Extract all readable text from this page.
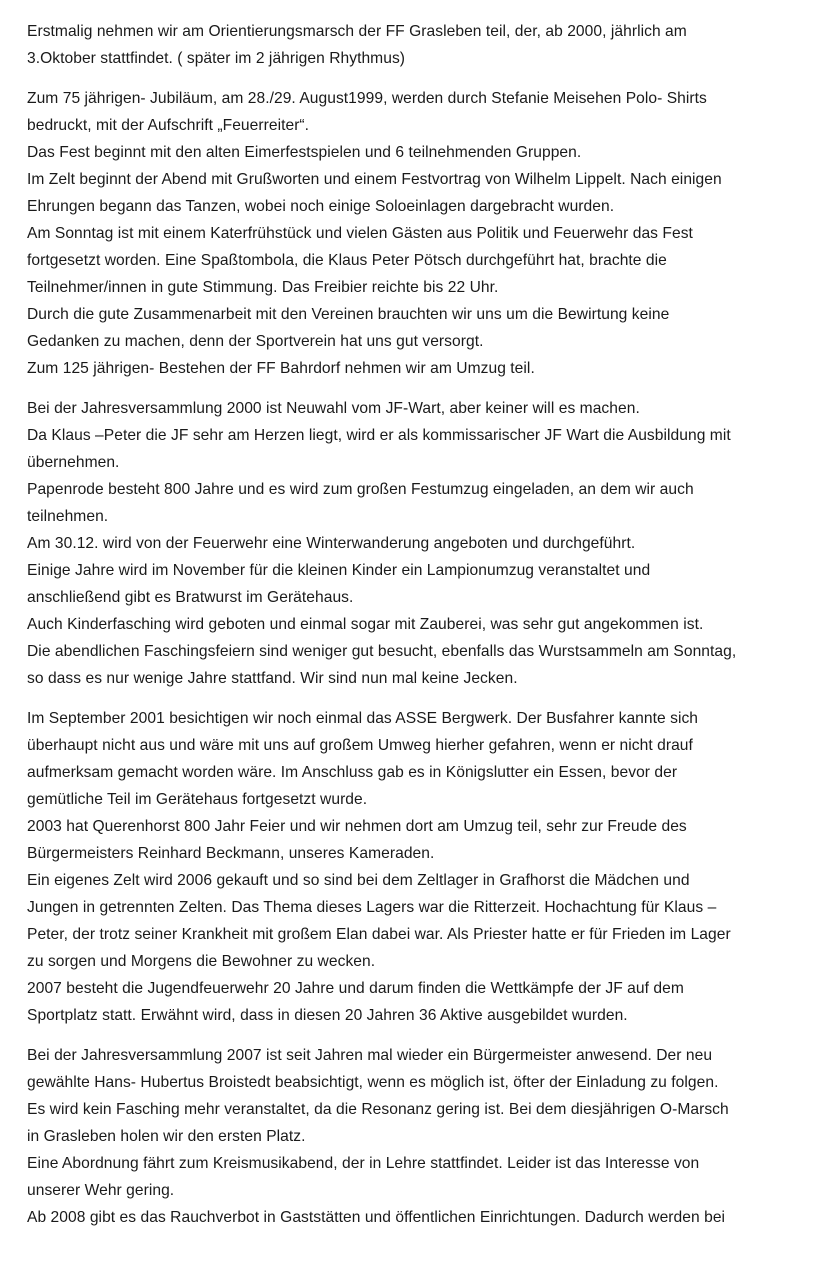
Erstmalig nehmen wir am Orientierungsmarsch der FF Grasleben teil, der, ab 2000, jährlich am
3.Oktober stattfindet. ( später im 2 jährigen Rhythmus)
Zum 75 jährigen- Jubiläum, am 28./29. August1999, werden durch Stefanie Meisehen Polo- Shirts
bedruckt, mit der Aufschrift „Feuerreiter“.
Das Fest beginnt mit den alten Eimerfestspielen und 6 teilnehmenden Gruppen.
Im Zelt beginnt der Abend mit Grußworten und einem Festvortrag von Wilhelm Lippelt. Nach einigen
Ehrungen begann das Tanzen, wobei noch einige Soloeinlagen dargebracht wurden.
Am Sonntag ist mit einem Katerfrühstück und vielen Gästen aus Politik und Feuerwehr das Fest
fortgesetzt worden. Eine Spaßtombola, die Klaus Peter Pötsch durchgeführt hat, brachte die
Teilnehmer/innen in gute Stimmung. Das Freibier reichte bis 22 Uhr.
Durch die gute Zusammenarbeit mit den Vereinen brauchten wir uns um die Bewirtung keine
Gedanken zu machen, denn der Sportverein hat uns gut versorgt.
Zum 125 jährigen- Bestehen der FF Bahrdorf nehmen wir am Umzug teil.
Bei der Jahresversammlung 2000 ist Neuwahl vom JF-Wart, aber keiner will es machen.
Da Klaus –Peter die JF sehr am Herzen liegt, wird er als kommissarischer JF Wart die Ausbildung mit
übernehmen.
Papenrode besteht 800 Jahre und es wird zum großen Festumzug eingeladen, an dem wir auch
teilnehmen.
Am 30.12. wird von der Feuerwehr eine Winterwanderung angeboten und durchgeführt.
Einige Jahre wird im November für die kleinen Kinder ein Lampionumzug veranstaltet und
anschließend gibt es Bratwurst im Gerätehaus.
Auch Kinderfasching wird geboten und einmal sogar mit Zauberei, was sehr gut angekommen ist.
Die abendlichen Faschingsfeiern sind weniger gut besucht, ebenfalls das Wurstsammeln am Sonntag,
so dass es nur wenige Jahre stattfand. Wir sind nun mal keine Jecken.
Im September 2001 besichtigen wir noch einmal das ASSE Bergwerk. Der Busfahrer kannte sich
überhaupt nicht aus und wäre mit uns auf großem Umweg hierher gefahren, wenn er nicht drauf
aufmerksam gemacht worden wäre. Im Anschluss gab es in Königslutter ein Essen, bevor der
gemütliche Teil im Gerätehaus fortgesetzt wurde.
2003 hat Querenhorst 800 Jahr Feier und wir nehmen dort am Umzug teil, sehr zur Freude des
Bürgermeisters Reinhard Beckmann, unseres Kameraden.
Ein eigenes Zelt wird 2006 gekauft und so sind bei dem Zeltlager in Grafhorst die Mädchen und
Jungen in getrennten Zelten. Das Thema dieses Lagers war die Ritterzeit. Hochachtung für Klaus –
Peter, der trotz seiner Krankheit mit großem Elan dabei war. Als Priester hatte er für Frieden im Lager
zu sorgen und Morgens die Bewohner zu wecken.
2007 besteht die Jugendfeuerwehr 20 Jahre und darum finden die Wettkämpfe der JF auf dem
Sportplatz statt. Erwähnt wird, dass in diesen 20 Jahren 36 Aktive ausgebildet wurden.
Bei der Jahresversammlung 2007 ist seit Jahren mal wieder ein Bürgermeister anwesend. Der neu
gewählte Hans- Hubertus Broistedt beabsichtigt, wenn es möglich ist, öfter der Einladung zu folgen.
Es wird kein Fasching mehr veranstaltet, da die Resonanz gering ist. Bei dem diesjährigen O-Marsch
in Grasleben holen wir den ersten Platz.
Eine Abordnung fährt zum Kreismusikabend, der in Lehre stattfindet. Leider ist das Interesse von
unserer Wehr gering.
Ab 2008 gibt es das Rauchverbot in Gaststätten und öffentlichen Einrichtungen. Dadurch werden bei
